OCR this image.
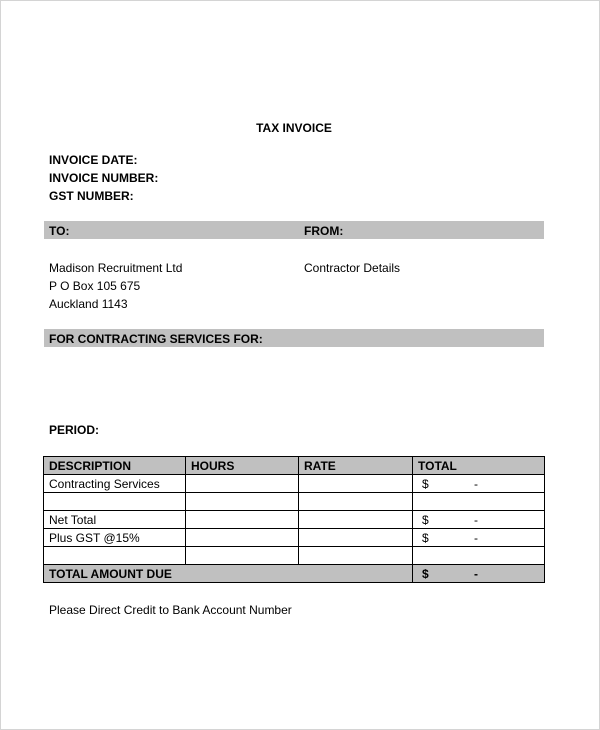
TAX INVOICE
INVOICE DATE:
INVOICE NUMBER:
GST NUMBER:
TO:	FROM:
Madison Recruitment Ltd
P O Box 105 675
Auckland 1143
Contractor Details
FOR CONTRACTING SERVICES FOR:
PERIOD:
DESCRIPTION	HOURS	RATE	TOTAL
Contracting Services			$ -

Net Total			$ -

Plus GST @15%			$ -

TOTAL AMOUNT DUE			$ -
Please Direct Credit to Bank Account Number
